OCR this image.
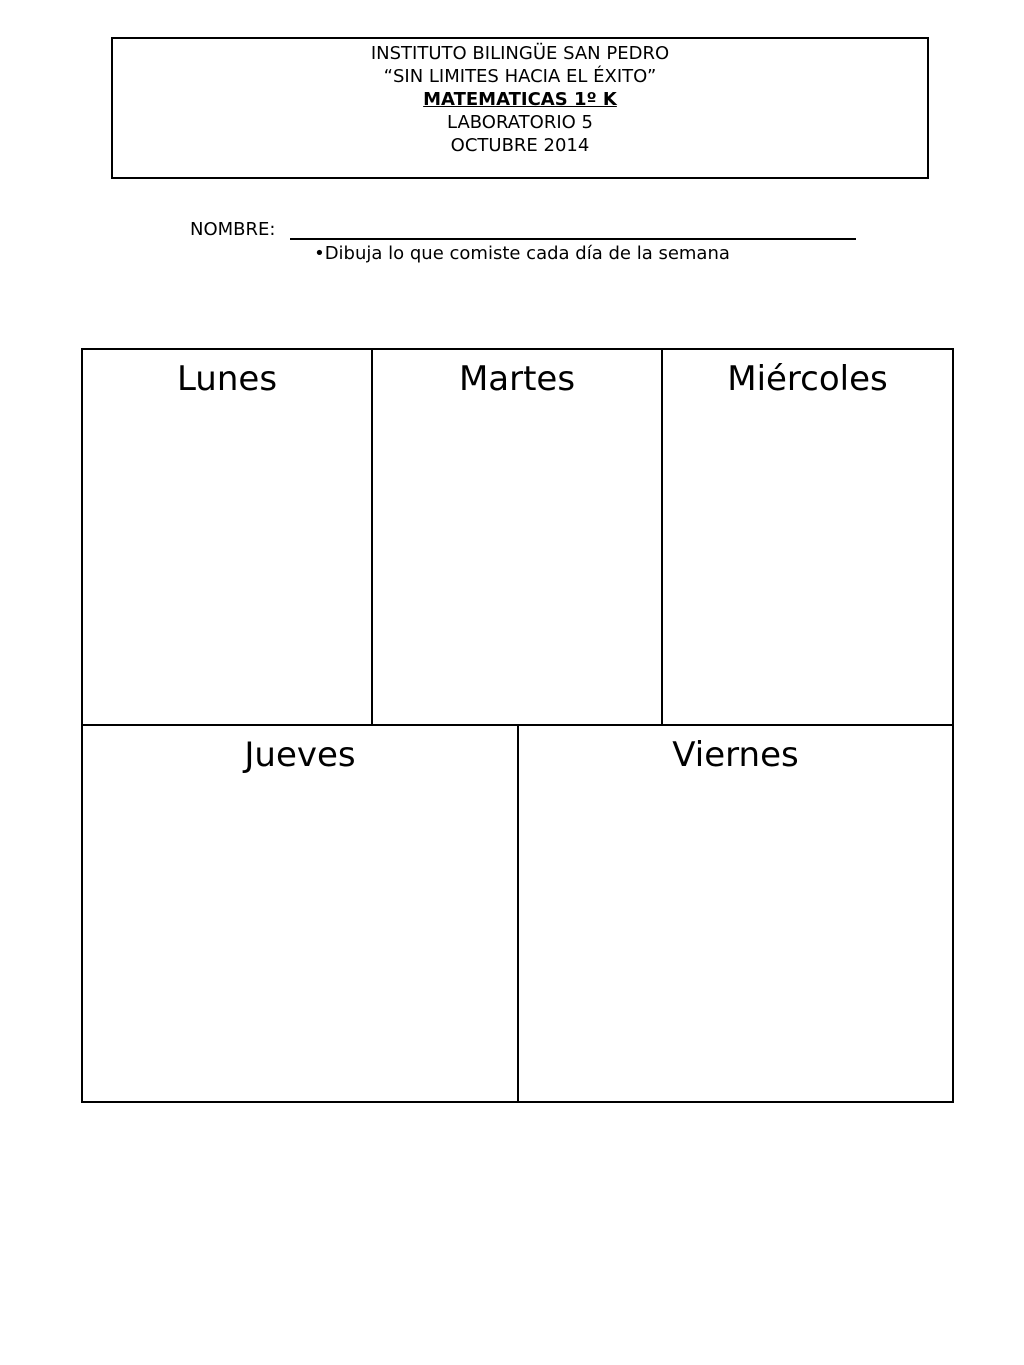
INSTITUTO BILINGÜE SAN PEDRO
“SIN LIMITES HACIA EL ÉXITO”
MATEMATICAS 1º K
LABORATORIO 5
OCTUBRE 2014
NOMBRE:
•Dibuja lo que comiste cada día de la semana
Lunes	Martes	Miércoles
Jueves	Viernes
